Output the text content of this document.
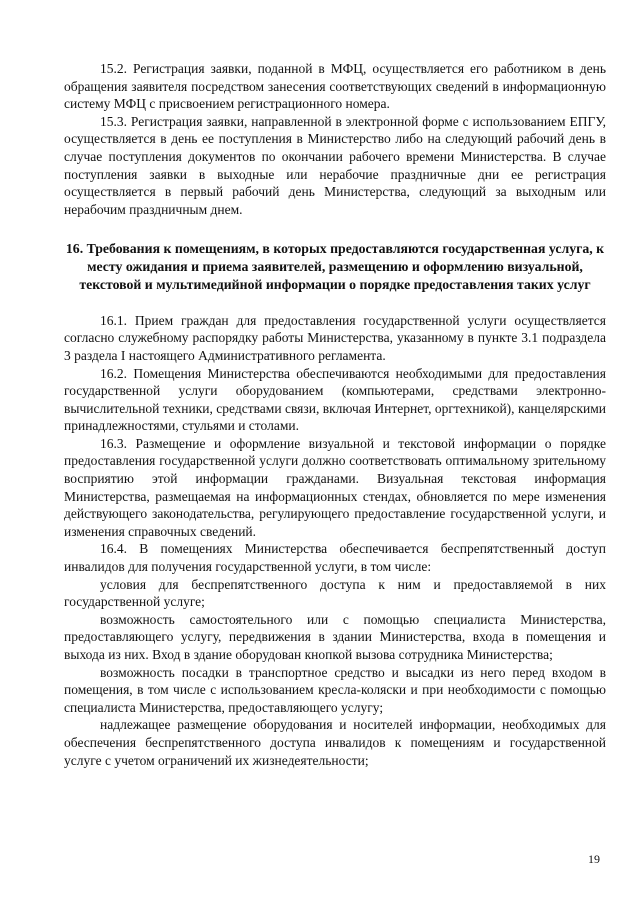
15.2. Регистрация заявки, поданной в МФЦ, осуществляется его работником в день обращения заявителя посредством занесения соответствующих сведений в информационную систему МФЦ с присвоением регистрационного номера.

15.3. Регистрация заявки, направленной в электронной форме с использованием ЕПГУ, осуществляется в день ее поступления в Министерство либо на следующий рабочий день в случае поступления документов по окончании рабочего времени Министерства. В случае поступления заявки в выходные или нерабочие праздничные дни ее регистрация осуществляется в первый рабочий день Министерства, следующий за выходным или нерабочим праздничным днем.

16. Требования к помещениям, в которых предоставляются государственная услуга, к месту ожидания и приема заявителей, размещению и оформлению визуальной, текстовой и мультимедийной информации о порядке предоставления таких услуг

16.1. Прием граждан для предоставления государственной услуги осуществляется согласно служебному распорядку работы Министерства, указанному в пункте 3.1 подраздела 3 раздела I настоящего Административного регламента.

16.2. Помещения Министерства обеспечиваются необходимыми для предоставления государственной услуги оборудованием (компьютерами, средствами электронно-вычислительной техники, средствами связи, включая Интернет, оргтехникой), канцелярскими принадлежностями, стульями и столами.

16.3. Размещение и оформление визуальной и текстовой информации о порядке предоставления государственной услуги должно соответствовать оптимальному зрительному восприятию этой информации гражданами. Визуальная текстовая информация Министерства, размещаемая на информационных стендах, обновляется по мере изменения действующего законодательства, регулирующего предоставление государственной услуги, и изменения справочных сведений.

16.4. В помещениях Министерства обеспечивается беспрепятственный доступ инвалидов для получения государственной услуги, в том числе:

условия для беспрепятственного доступа к ним и предоставляемой в них государственной услуге;

возможность самостоятельного или с помощью специалиста Министерства, предоставляющего услугу, передвижения в здании Министерства, входа в помещения и выхода из них. Вход в здание оборудован кнопкой вызова сотрудника Министерства;

возможность посадки в транспортное средство и высадки из него перед входом в помещения, в том числе с использованием кресла-коляски и при необходимости с помощью специалиста Министерства, предоставляющего услугу;

надлежащее размещение оборудования и носителей информации, необходимых для обеспечения беспрепятственного доступа инвалидов к помещениям и государственной услуге с учетом ограничений их жизнедеятельности;

19
